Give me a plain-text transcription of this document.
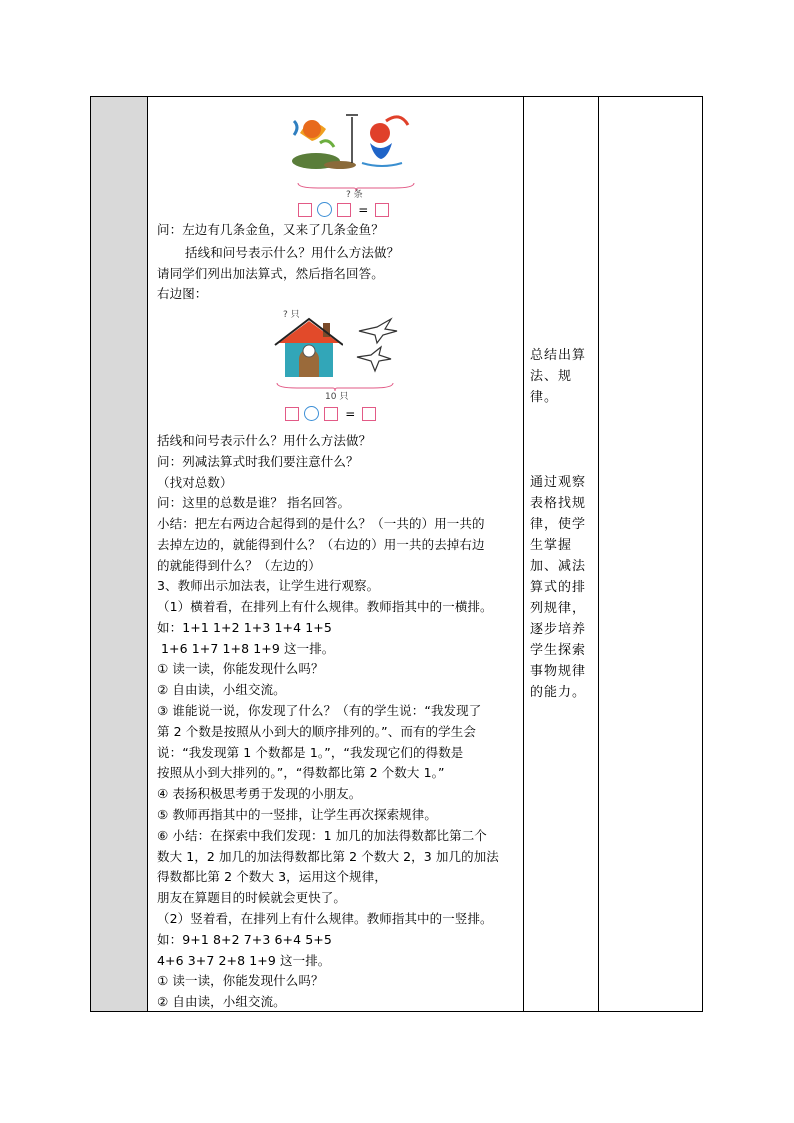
? 条
=
问：左边有几条金鱼，又来了几条金鱼？
括线和问号表示什么？用什么方法做？
请同学们列出加法算式，然后指名回答。
右边图：
? 只
10 只
=
括线和问号表示什么？用什么方法做？
问：列减法算式时我们要注意什么？
（找对总数）
问：这里的总数是谁？ 指名回答。
小结：把左右两边合起得到的是什么？（一共的）用一共的
去掉左边的，就能得到什么？（右边的）用一共的去掉右边
的就能得到什么？（左边的）
3、教师出示加法表，让学生进行观察。
（1）横着看，在排列上有什么规律。教师指其中的一横排。
如：1+1 1+2 1+3 1+4 1+5
1+6 1+7 1+8 1+9 这一排。
① 读一读，你能发现什么吗？
② 自由读，小组交流。
③ 谁能说一说，你发现了什么？（有的学生说：“我发现了
第 2 个数是按照从小到大的顺序排列的。”、而有的学生会
说：“我发现第 1 个数都是 1。”，“我发现它们的得数是
按照从小到大排列的。”，“得数都比第 2 个数大 1。”
④ 表扬积极思考勇于发现的小朋友。
⑤ 教师再指其中的一竖排，让学生再次探索规律。
⑥ 小结：在探索中我们发现：1 加几的加法得数都比第二个
数大 1，2 加几的加法得数都比第 2 个数大 2，3 加几的加法
得数都比第 2 个数大 3，运用这个规律，
朋友在算题目的时候就会更快了。
（2）竖着看，在排列上有什么规律。教师指其中的一竖排。
如：9+1 8+2 7+3 6+4 5+5
4+6 3+7 2+8 1+9 这一排。
① 读一读，你能发现什么吗？
② 自由读，小组交流。
总结出算法、规律。
通过观察表格找规律，使学生掌握加、减法算式的排列规律，逐步培养学生探索事物规律的能力。
